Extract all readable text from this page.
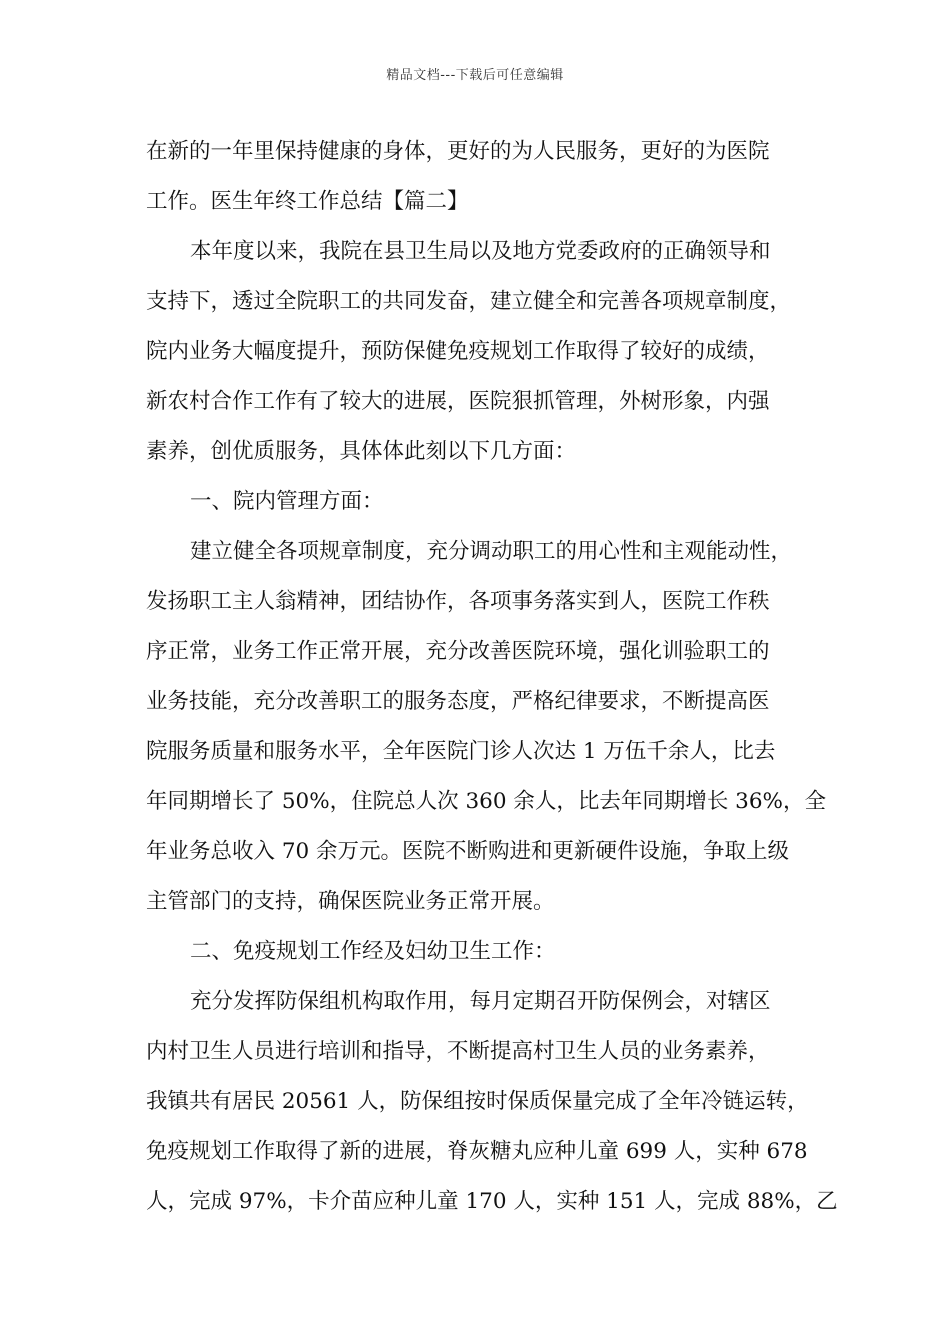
精品文档---下载后可任意编辑
在新的一年里保持健康的身体，更好的为人民服务，更好的为医院
工作。医生年终工作总结【篇二】
本年度以来，我院在县卫生局以及地方党委政府的正确领导和
支持下，透过全院职工的共同发奋，建立健全和完善各项规章制度，
院内业务大幅度提升，预防保健免疫规划工作取得了较好的成绩，
新农村合作工作有了较大的进展，医院狠抓管理，外树形象，内强
素养，创优质服务，具体体此刻以下几方面：
一、院内管理方面：
建立健全各项规章制度，充分调动职工的用心性和主观能动性，
发扬职工主人翁精神，团结协作，各项事务落实到人，医院工作秩
序正常，业务工作正常开展，充分改善医院环境，强化训验职工的
业务技能，充分改善职工的服务态度，严格纪律要求，不断提高医
院服务质量和服务水平，全年医院门诊人次达 1 万伍千余人，比去
年同期增长了 50%，住院总人次 360 余人，比去年同期增长 36%，全
年业务总收入 70 余万元。医院不断购进和更新硬件设施，争取上级
主管部门的支持，确保医院业务正常开展。
二、免疫规划工作经及妇幼卫生工作：
充分发挥防保组机构取作用，每月定期召开防保例会，对辖区
内村卫生人员进行培训和指导，不断提高村卫生人员的业务素养，
我镇共有居民 20561 人，防保组按时保质保量完成了全年冷链运转，
免疫规划工作取得了新的进展，脊灰糖丸应种儿童 699 人，实种 678
人，完成 97%，卡介苗应种儿童 170 人，实种 151 人，完成 88%，乙
